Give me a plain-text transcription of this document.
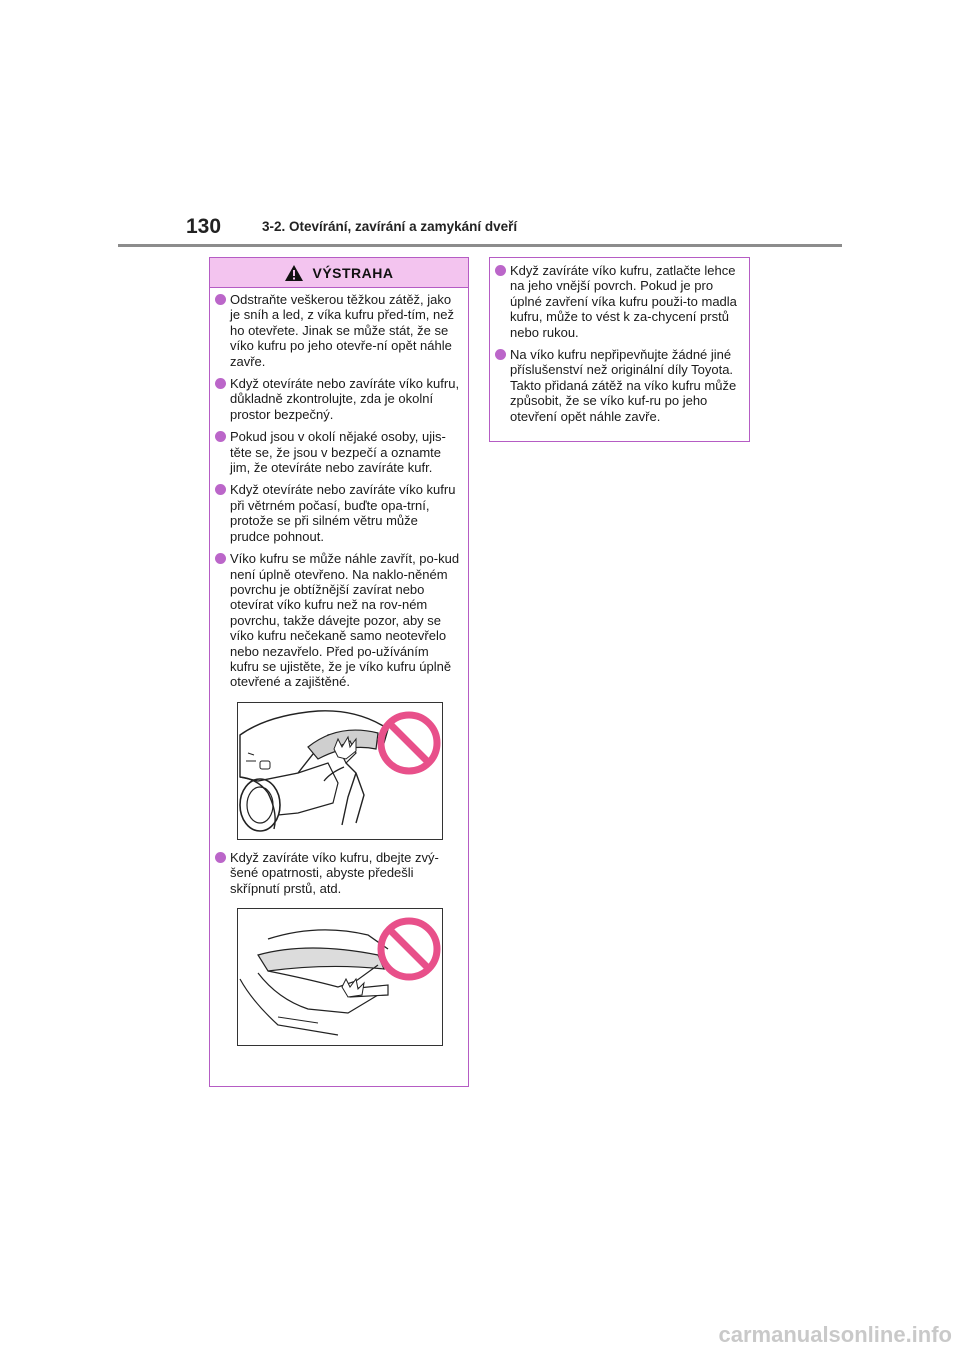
130	3-2. Otevírání, zavírání a zamykání dveří
VÝSTRAHA
Odstraňte veškerou těžkou zátěž, jako je sníh a led, z víka kufru před-tím, než ho otevřete. Jinak se může stát, že se víko kufru po jeho otevře-ní opět náhle zavře.
Když otevíráte nebo zavíráte víko kufru, důkladně zkontrolujte, zda je okolní prostor bezpečný.
Pokud jsou v okolí nějaké osoby, ujis-těte se, že jsou v bezpečí a oznamte jim, že otevíráte nebo zavíráte kufr.
Když otevíráte nebo zavíráte víko kufru při větrném počasí, buďte opa-trní, protože se při silném větru může prudce pohnout.
Víko kufru se může náhle zavřít, po-kud není úplně otevřeno. Na naklo-něném povrchu je obtížnější zavírat nebo otevírat víko kufru než na rov-ném povrchu, takže dávejte pozor, aby se víko kufru nečekaně samo neotevřelo nebo nezavřelo. Před po-užíváním kufru se ujistěte, že je víko kufru úplně otevřené a zajištěné.
Když zavíráte víko kufru, dbejte zvý-šené opatrnosti, abyste předešli skřípnutí prstů, atd.
Když zavíráte víko kufru, zatlačte lehce na jeho vnější povrch. Pokud je pro úplné zavření víka kufru použi-to madla kufru, může to vést k za-chycení prstů nebo rukou.
Na víko kufru nepřipevňujte žádné jiné příslušenství než originální díly Toyota. Takto přidaná zátěž na víko kufru může způsobit, že se víko kuf-ru po jeho otevření opět náhle zavře.
carmanualsonline.info
